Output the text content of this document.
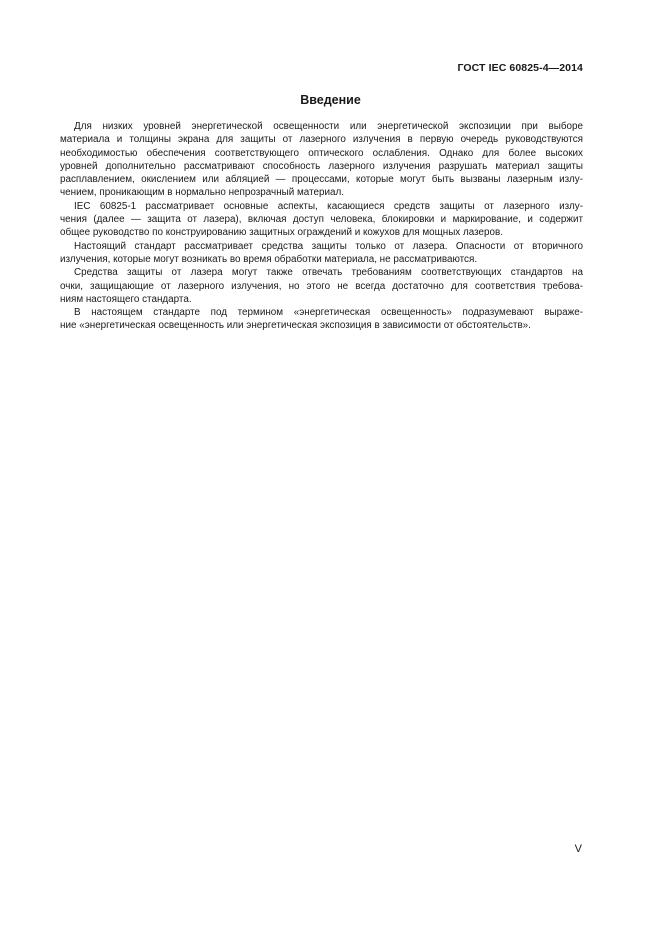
ГОСТ IEC 60825-4—2014
Введение

Для низких уровней энергетической освещенности или энергетической экспозиции при выборе
материала и толщины экрана для защиты от лазерного излучения в первую очередь руководствуются
необходимостью обеспечения соответствующего оптического ослабления. Однако для более высоких
уровней дополнительно рассматривают способность лазерного излучения разрушать материал защиты
расплавлением, окислением или абляцией — процессами, которые могут быть вызваны лазерным излу-
чением, проникающим в нормально непрозрачный материал.

IEC 60825-1 рассматривает основные аспекты, касающиеся средств защиты от лазерного излу-
чения (далее — защита от лазера), включая доступ человека, блокировки и маркирование, и содержит
общее руководство по конструированию защитных ограждений и кожухов для мощных лазеров.

Настоящий стандарт рассматривает средства защиты только от лазера. Опасности от вторичного
излучения, которые могут возникать во время обработки материала, не рассматриваются.

Средства защиты от лазера могут также отвечать требованиям соответствующих стандартов на
очки, защищающие от лазерного излучения, но этого не всегда достаточно для соответствия требова-
ниям настоящего стандарта.

В настоящем стандарте под термином «энергетическая освещенность» подразумевают выраже-
ние «энергетическая освещенность или энергетическая экспозиция в зависимости от обстоятельств».

V
